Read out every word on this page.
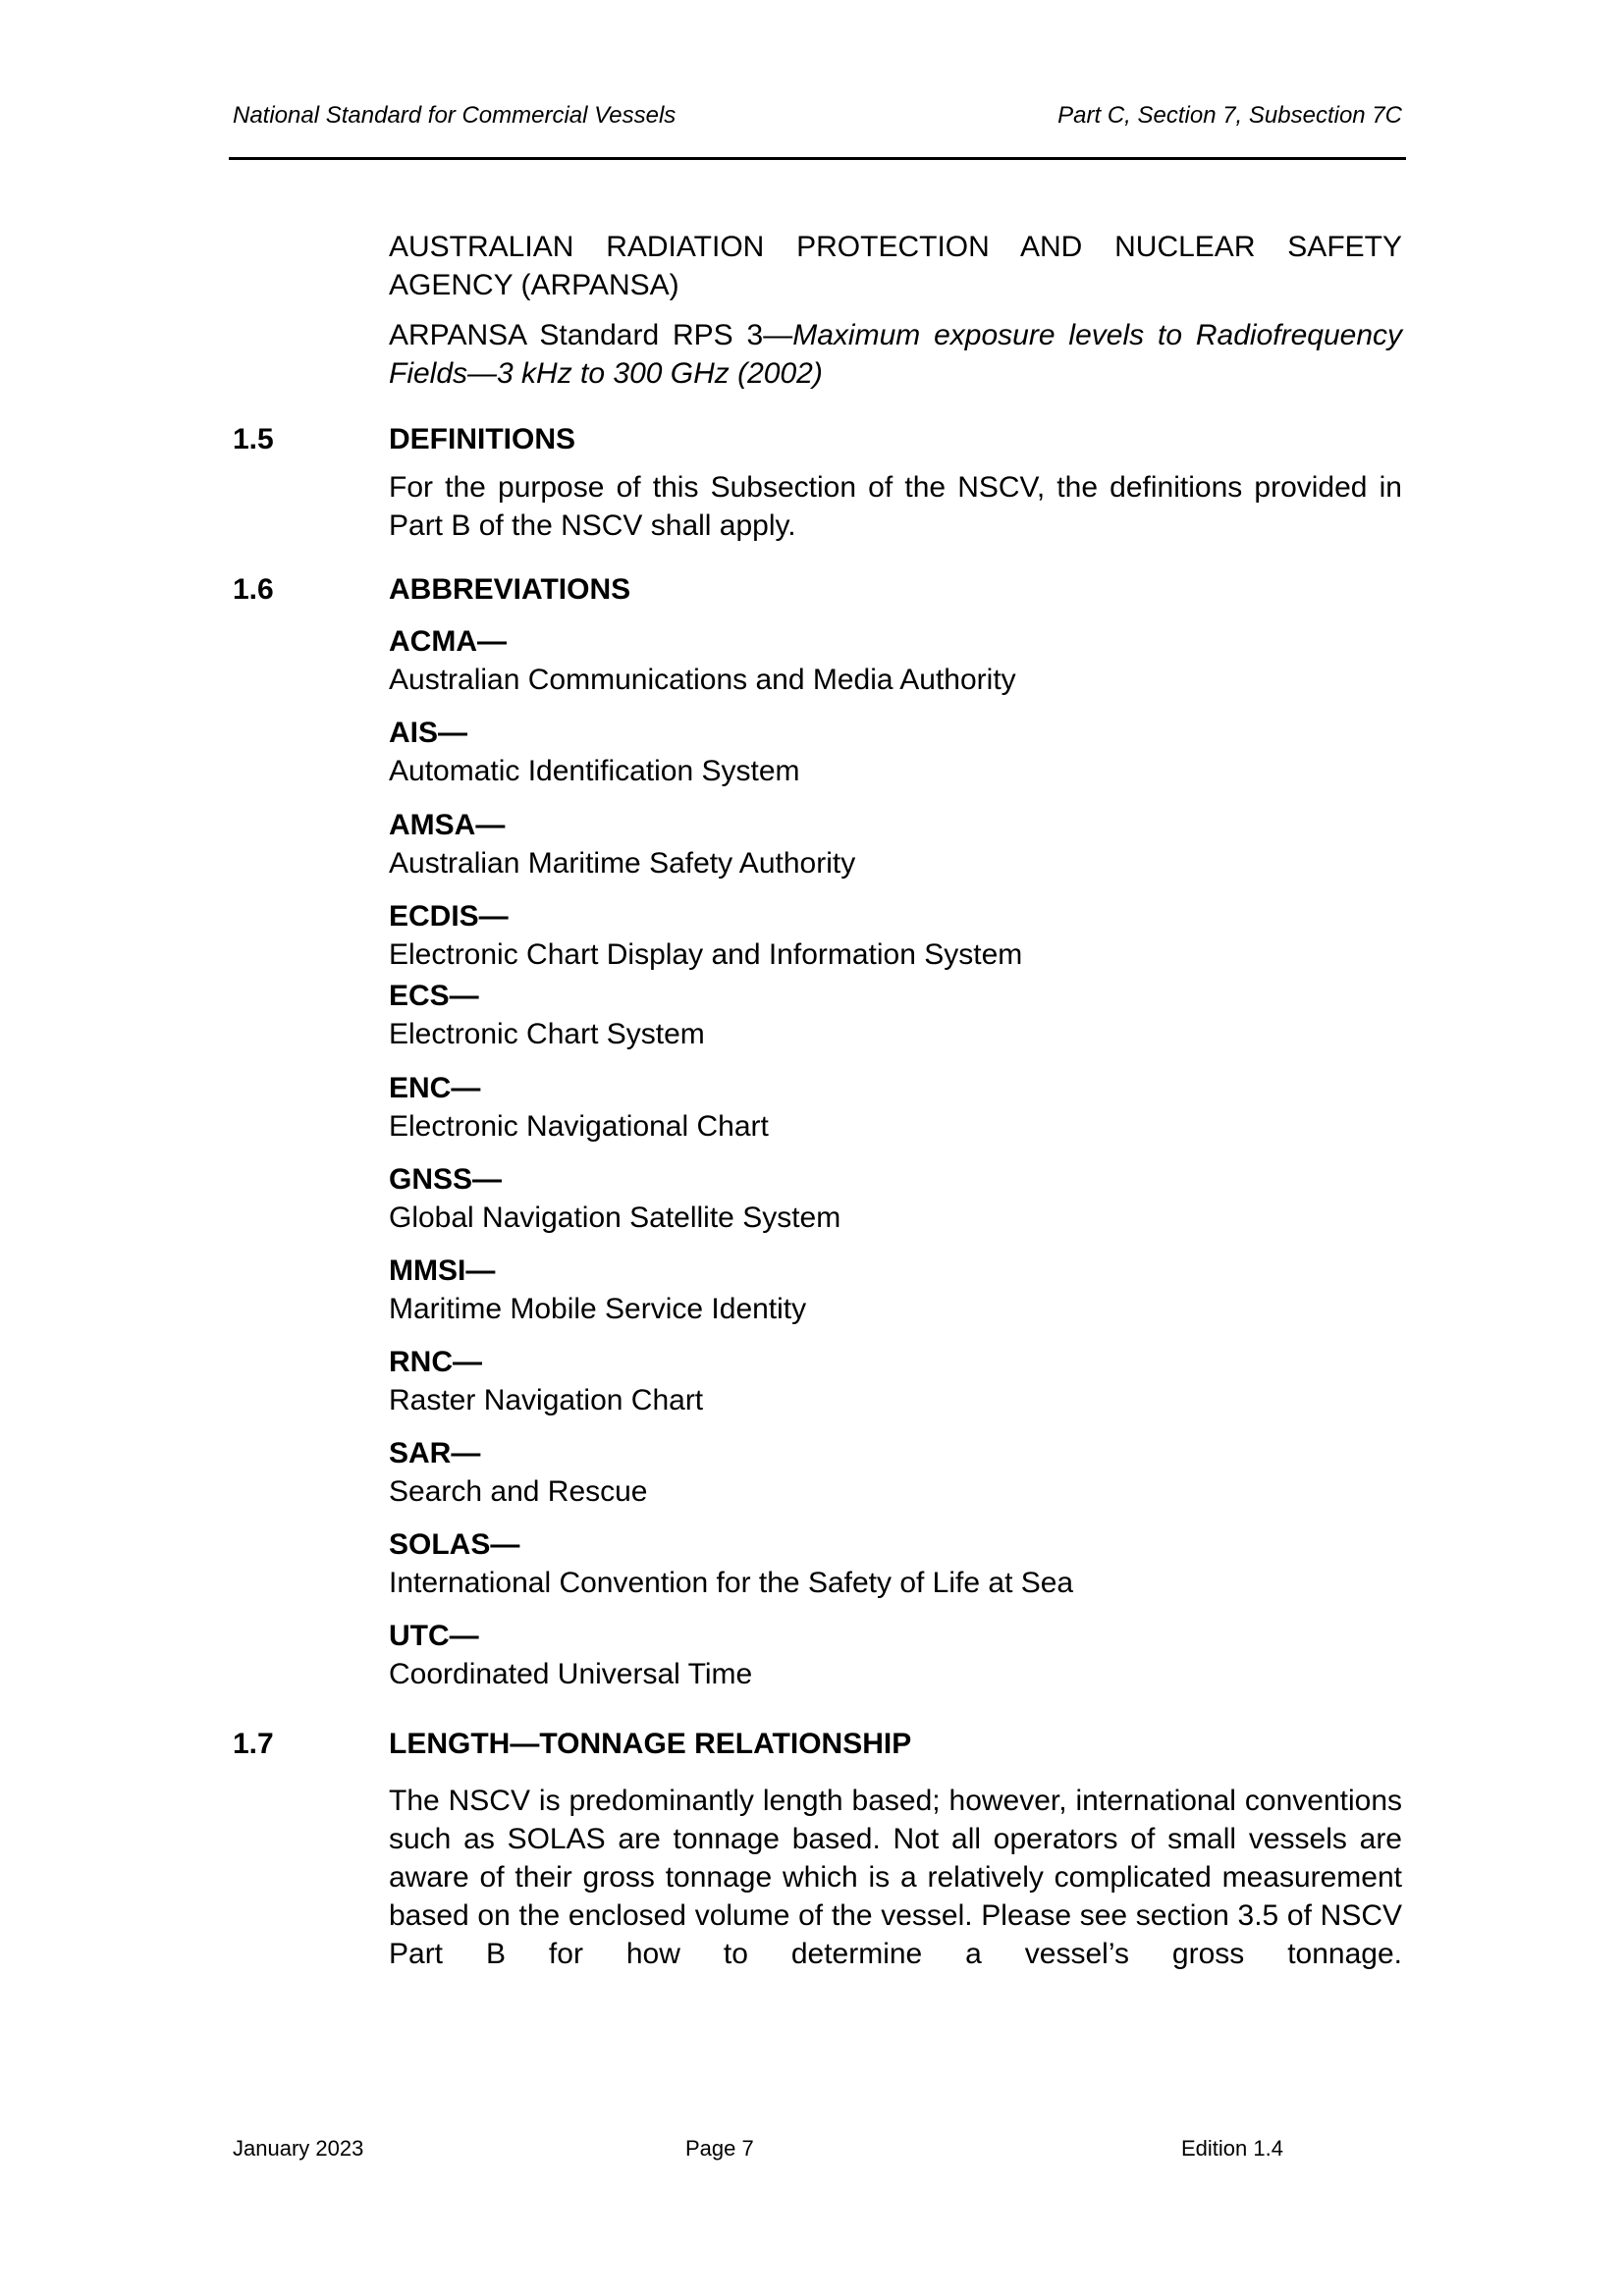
National Standard for Commercial Vessels	Part C, Section 7, Subsection 7C
AUSTRALIAN RADIATION PROTECTION AND NUCLEAR SAFETY AGENCY (ARPANSA)
ARPANSA Standard RPS 3—Maximum exposure levels to Radiofrequency Fields—3 kHz to 300 GHz (2002)
1.5	DEFINITIONS
For the purpose of this Subsection of the NSCV, the definitions provided in Part B of the NSCV shall apply.
1.6	ABBREVIATIONS
ACMA—
Australian Communications and Media Authority
AIS—
Automatic Identification System
AMSA—
Australian Maritime Safety Authority
ECDIS—
Electronic Chart Display and Information System
ECS—
Electronic Chart System
ENC—
Electronic Navigational Chart
GNSS—
Global Navigation Satellite System
MMSI—
Maritime Mobile Service Identity
RNC—
Raster Navigation Chart
SAR—
Search and Rescue
SOLAS—
International Convention for the Safety of Life at Sea
UTC—
Coordinated Universal Time
1.7	LENGTH—TONNAGE RELATIONSHIP
The NSCV is predominantly length based; however, international conventions such as SOLAS are tonnage based. Not all operators of small vessels are aware of their gross tonnage which is a relatively complicated measurement based on the enclosed volume of the vessel. Please see section 3.5 of NSCV Part B for how to determine a vessel’s gross tonnage.
January 2023	Page 7	Edition 1.4
